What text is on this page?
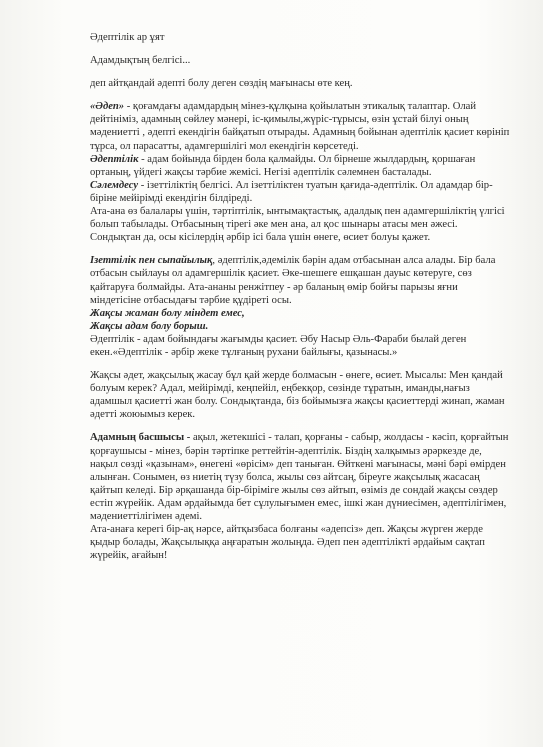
Әдептілік ар ұят

Адамдықтың белгісі...

деп айтқандай әдепті болу деген сөздің мағынасы өте кең.

«Әдеп» - қоғамдағы адамдардың мінез-құлқына қойылатын этикалық талаптар. Олай дейтініміз, адамның сөйлеу мәнері, іс-қимылы,жүріс-тұрысы, өзін ұстай білуі оның мәдениетті , әдепті екендігін байқатып отырады. Адамның бойынан әдептілік қасиет көрініп тұрса, ол парасатты, адамгершілігі мол екендігін көрсетеді.

Әдептілік - адам бойында бірден бола қалмайды. Ол бірнеше жылдардың, қоршаған ортаның, үйдегі жақсы тәрбие жемісі. Негізі әдептілік сәлемнен басталады.

Сәлемдесу - ізеттіліктің белгісі. Ал ізеттіліктен туатын қағида-әдептілік. Ол адамдар бір-біріне мейірімді екендігін білдіреді.

Ата-ана өз балалары үшін, тәртіптілік, ынтымақтастық, адалдық пен адамгершіліктің үлгісі болып табылады. Отбасының тірегі әке мен ана, ал қос шынары атасы мен әжесі. Сондықтан да, осы кісілердің әрбір ісі бала үшін өнеге, өсиет болуы қажет.

Ізеттілік пен сыпайылық, әдептілік,әдемілік бәрін адам отбасынан алса алады. Бір бала отбасын сыйлауы ол адамгершілік қасиет. Әке-шешеге ешқашан дауыс көтеруге, сөз қайтаруға болмайды. Ата-ананы ренжітпеу - әр баланың өмір бойғы парызы яғни міндетісіне отбасыдағы тәрбие құдіреті осы.

Жақсы жаман болу міндет емес,

Жақсы адам болу борыш.

Әдептілік - адам бойындағы жағымды қасиет. Әбу Насыр Әль-Фараби былай деген екен.«Әдептілік - әрбір жеке тұлғаның рухани байлығы, қазынасы.»

Жақсы әдет, жақсылық жасау бұл қай жерде болмасын - өнеге, өсиет. Мысалы: Мен қандай болуым керек? Адал, мейірімді, кеңпейіл, еңбекқор, сөзінде тұратын, иманды,нағыз адамшыл қасиетті жан болу. Сондықтанда, біз бойымызға жақсы қасиеттерді жинап, жаман әдетті жоюымыз керек.

Адамның басшысы - ақыл, жетекшісі - талап, қорғаны - сабыр, жолдасы - кәсіп, қорғайтын қорғаушысы - мінез, бәрін тәртіпке реттейтін-әдептілік. Біздің халқымыз әрәркезде де, нақыл сөзді «қазынам», өнегені «өрісім» деп таныған. Өйткені мағынасы, мәні бәрі өмірден алынған. Сонымен, өз ниетің түзу болса, жылы сөз айтсаң, біреуге жақсылық жасасаң қайтып келеді. Бір әрқашанда бір-біріміге жылы сөз айтып, өзіміз де сондай жақсы сөздер естіп жүрейік. Адам әрдайымда бет сұлулығымен емес, ішкі жан дүниесімен, әдептілігімен, мәдениеттілігімен әдемі.

Ата-анаға керегі бір-ақ нәрсе, айтқызбаса болғаны «әдепсіз» деп. Жақсы жүрген жерде қыдыр болады, Жақсылыққа аңғаратын жолыңда. Әдеп пен әдептілікті әрдайым сақтап жүрейік, ағайын!
